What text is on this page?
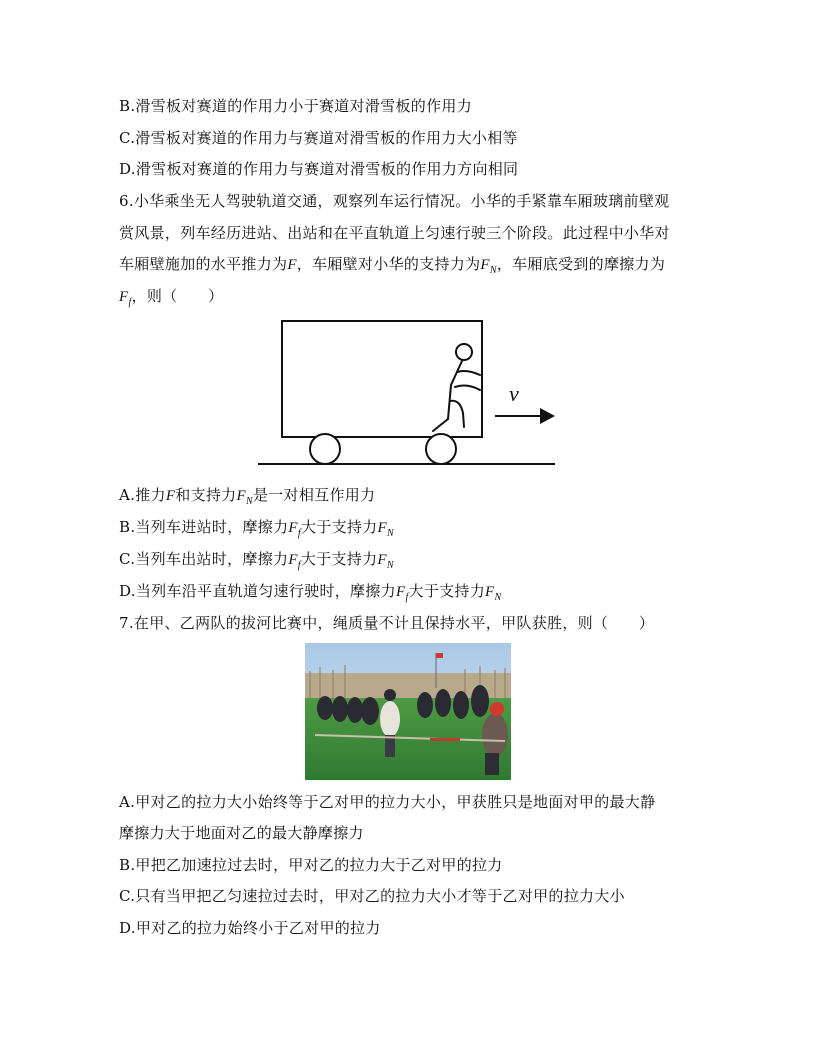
B.滑雪板对赛道的作用力小于赛道对滑雪板的作用力
C.滑雪板对赛道的作用力与赛道对滑雪板的作用力大小相等
D.滑雪板对赛道的作用力与赛道对滑雪板的作用力方向相同
6.小华乘坐无人驾驶轨道交通，观察列车运行情况。小华的手紧靠车厢玻璃前壁观
赏风景，列车经历进站、出站和在平直轨道上匀速行驶三个阶段。此过程中小华对
车厢壁施加的水平推力为F，车厢壁对小华的支持力为$F_N$，车厢底受到的摩擦力为
$F_f$，则（　　）
v
A.推力F和支持力$F_N$是一对相互作用力
B.当列车进站时，摩擦力$F_f$大于支持力$F_N$
C.当列车出站时，摩擦力$F_f$大于支持力$F_N$
D.当列车沿平直轨道匀速行驶时，摩擦力$F_f$大于支持力$F_N$
7.在甲、乙两队的拔河比赛中，绳质量不计且保持水平，甲队获胜，则（　　）
A.甲对乙的拉力大小始终等于乙对甲的拉力大小，甲获胜只是地面对甲的最大静
摩擦力大于地面对乙的最大静摩擦力
B.甲把乙加速拉过去时，甲对乙的拉力大于乙对甲的拉力
C.只有当甲把乙匀速拉过去时，甲对乙的拉力大小才等于乙对甲的拉力大小
D.甲对乙的拉力始终小于乙对甲的拉力
